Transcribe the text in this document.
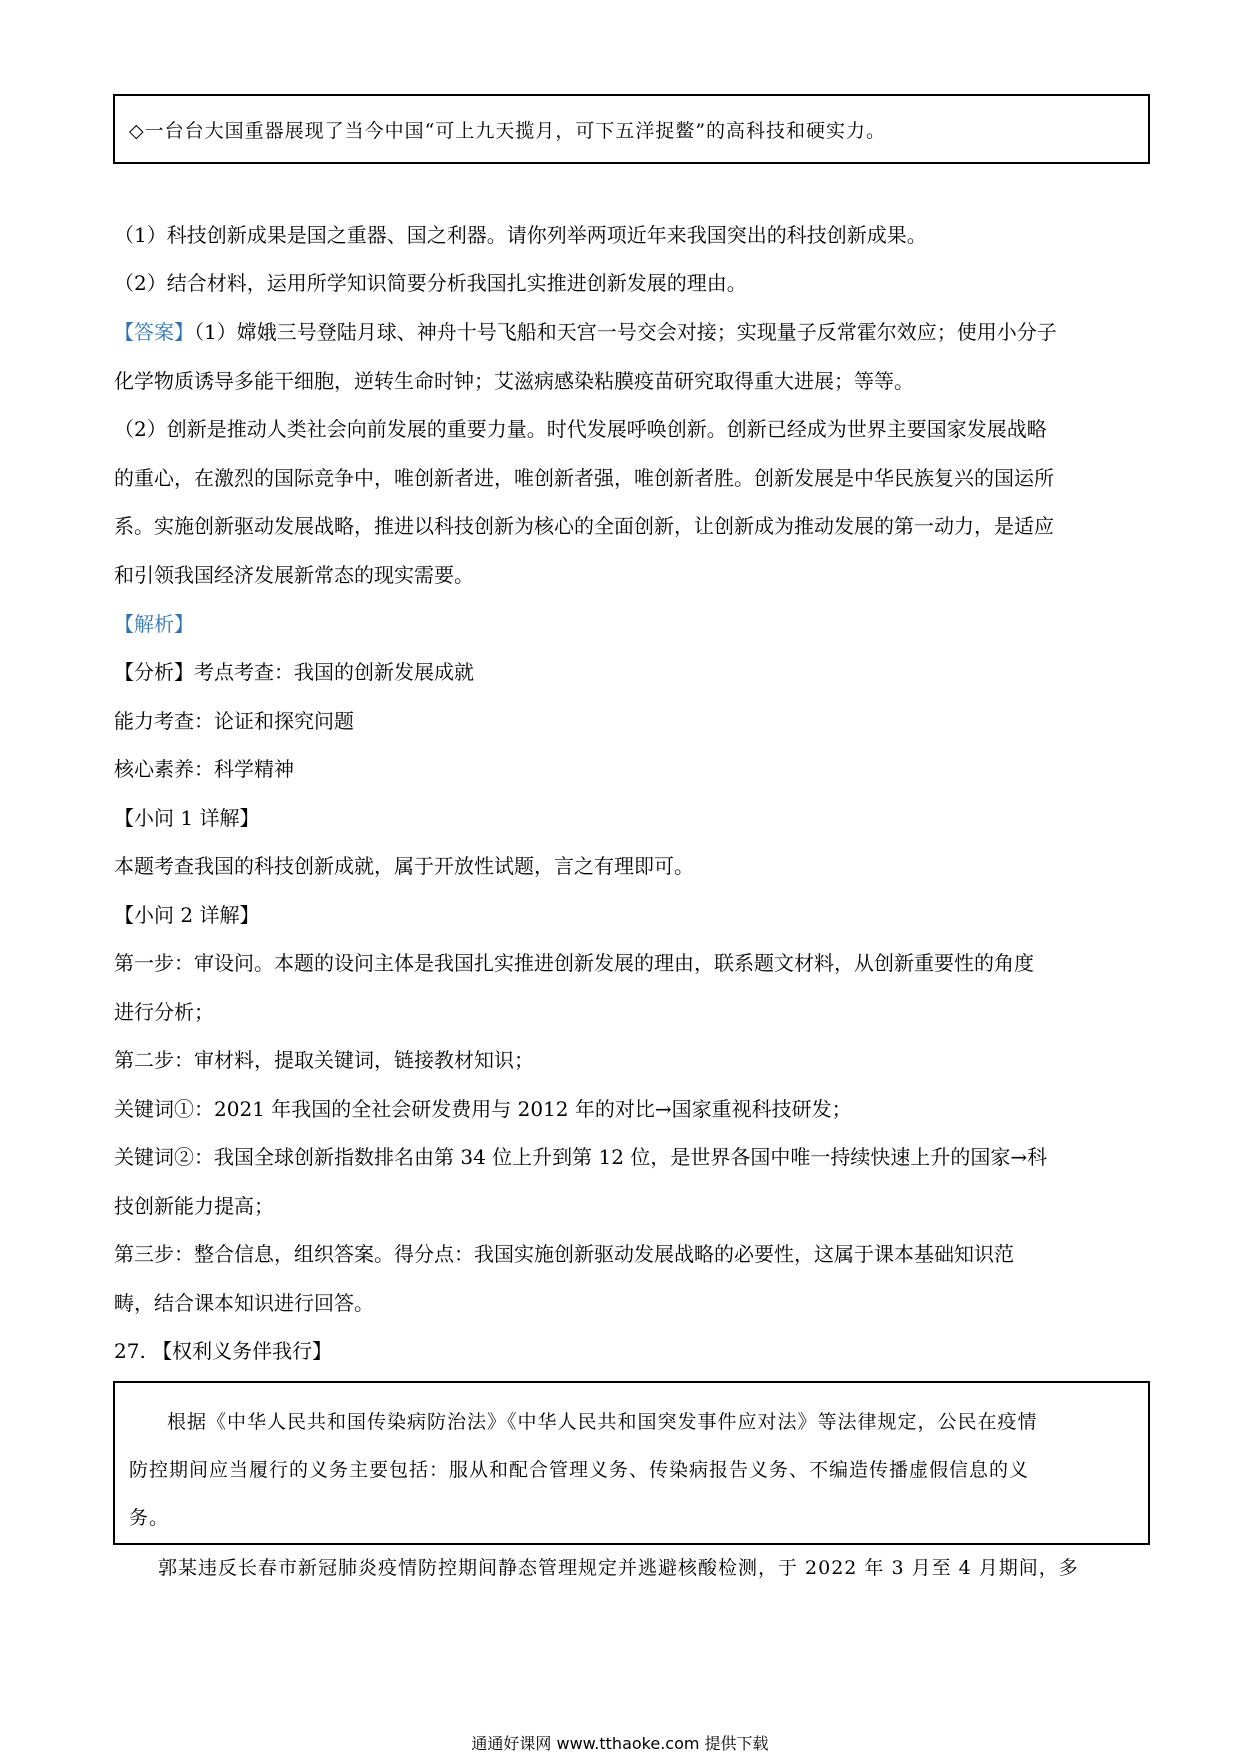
◇一台台大国重器展现了当今中国“可上九天揽月，可下五洋捉鳖”的高科技和硬实力。
（1）科技创新成果是国之重器、国之利器。请你列举两项近年来我国突出的科技创新成果。
（2）结合材料，运用所学知识简要分析我国扎实推进创新发展的理由。
【答案】（1）嫦娥三号登陆月球、神舟十号飞船和天宫一号交会对接；实现量子反常霍尔效应；使用小分子
化学物质诱导多能干细胞，逆转生命时钟；艾滋病感染粘膜疫苗研究取得重大进展；等等。
（2）创新是推动人类社会向前发展的重要力量。时代发展呼唤创新。创新已经成为世界主要国家发展战略
的重心，在激烈的国际竞争中，唯创新者进，唯创新者强，唯创新者胜。创新发展是中华民族复兴的国运所
系。实施创新驱动发展战略，推进以科技创新为核心的全面创新，让创新成为推动发展的第一动力，是适应
和引领我国经济发展新常态的现实需要。
【解析】
【分析】考点考查：我国的创新发展成就
能力考查：论证和探究问题
核心素养：科学精神
【小问 1 详解】
本题考查我国的科技创新成就，属于开放性试题，言之有理即可。
【小问 2 详解】
第一步：审设问。本题的设问主体是我国扎实推进创新发展的理由，联系题文材料，从创新重要性的角度
进行分析；
第二步：审材料，提取关键词，链接教材知识；
关键词①：2021 年我国的全社会研发费用与 2012 年的对比→国家重视科技研发；
关键词②：我国全球创新指数排名由第 34 位上升到第 12 位，是世界各国中唯一持续快速上升的国家→科
技创新能力提高；
第三步：整合信息，组织答案。得分点：我国实施创新驱动发展战略的必要性，这属于课本基础知识范
畴，结合课本知识进行回答。
27. 【权利义务伴我行】
根据《中华人民共和国传染病防治法》《中华人民共和国突发事件应对法》等法律规定，公民在疫情
防控期间应当履行的义务主要包括：服从和配合管理义务、传染病报告义务、不编造传播虚假信息的义
务。
郭某违反长春市新冠肺炎疫情防控期间静态管理规定并逃避核酸检测，于 2022 年 3 月至 4 月期间，多
通通好课网 www.tthaoke.com 提供下载
